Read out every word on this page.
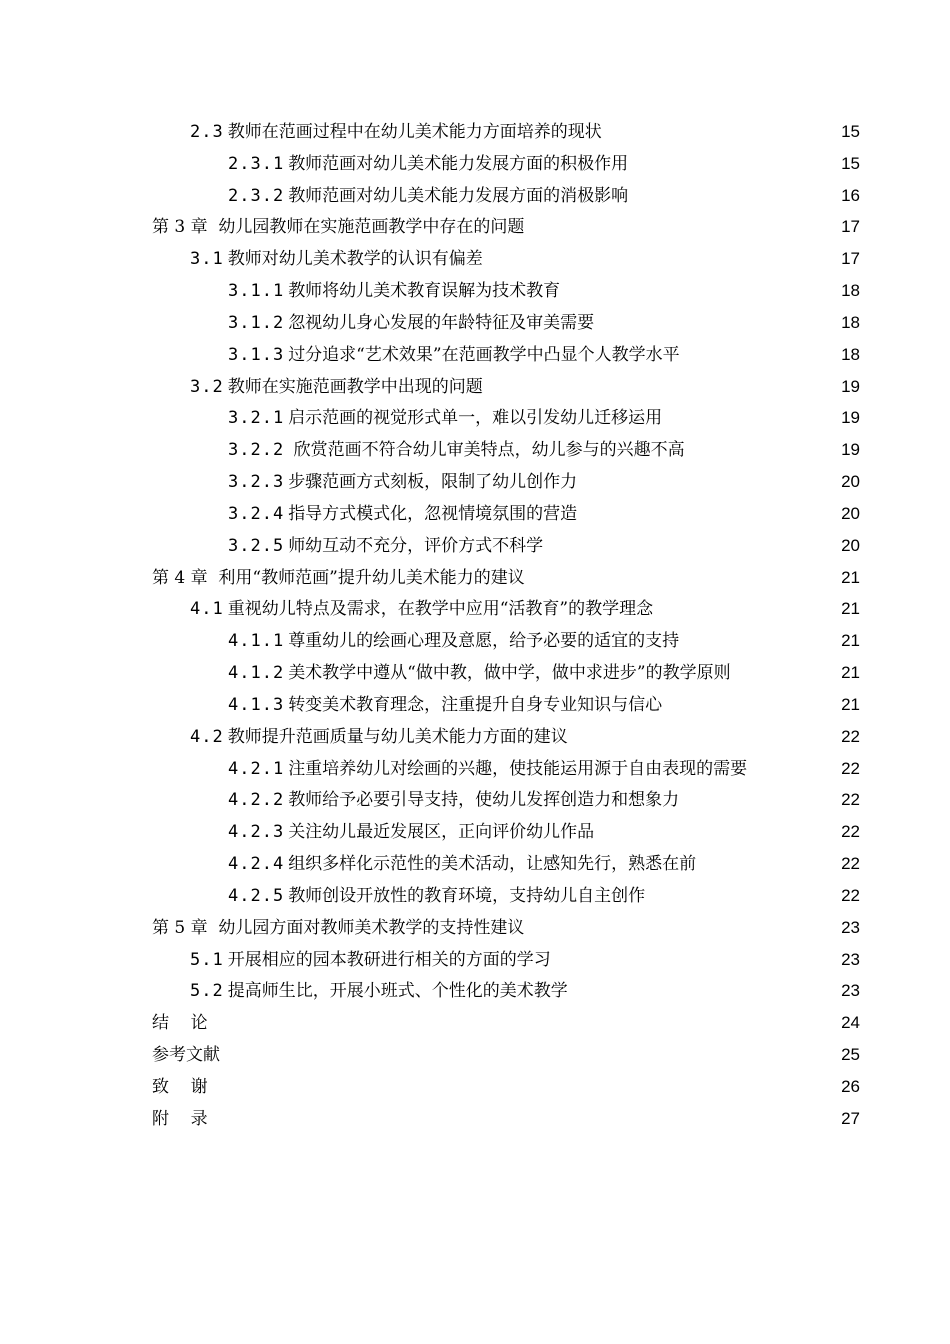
2.3 教师在范画过程中在幼儿美术能力方面培养的现状 .....	15
2.3.1 教师范画对幼儿美术能力发展方面的积极作用 .....	15
2.3.2 教师范画对幼儿美术能力发展方面的消极影响 .....	16
第 3 章  幼儿园教师在实施范画教学中存在的问题 .....	17
3.1 教师对幼儿美术教学的认识有偏差 .....	17
3.1.1 教师将幼儿美术教育误解为技术教育 .....	18
3.1.2 忽视幼儿身心发展的年龄特征及审美需要 .....	18
3.1.3 过分追求“艺术效果”在范画教学中凸显个人教学水平 .....	18
3.2 教师在实施范画教学中出现的问题 .....	19
3.2.1 启示范画的视觉形式单一，难以引发幼儿迁移运用 .....	19
3.2.2 欣赏范画不符合幼儿审美特点，幼儿参与的兴趣不高 .....	19
3.2.3 步骤范画方式刻板，限制了幼儿创作力 .....	20
3.2.4 指导方式模式化，忽视情境氛围的营造 .....	20
3.2.5 师幼互动不充分，评价方式不科学 .....	20
第 4 章  利用“教师范画”提升幼儿美术能力的建议 .....	21
4.1 重视幼儿特点及需求，在教学中应用“活教育”的教学理念 .....	21
4.1.1 尊重幼儿的绘画心理及意愿，给予必要的适宜的支持 .....	21
4.1.2 美术教学中遵从“做中教，做中学，做中求进步”的教学原则 .....	21
4.1.3 转变美术教育理念，注重提升自身专业知识与信心 .....	21
4.2 教师提升范画质量与幼儿美术能力方面的建议 .....	22
4.2.1 注重培养幼儿对绘画的兴趣，使技能运用源于自由表现的需要 .....	22
4.2.2 教师给予必要引导支持，使幼儿发挥创造力和想象力 .....	22
4.2.3 关注幼儿最近发展区，正向评价幼儿作品 .....	22
4.2.4 组织多样化示范性的美术活动，让感知先行，熟悉在前 .....	22
4.2.5 教师创设开放性的教育环境，支持幼儿自主创作 .....	22
第 5 章  幼儿园方面对教师美术教学的支持性建议 .....	23
5.1 开展相应的园本教研进行相关的方面的学习 .....	23
5.2 提高师生比，开展小班式、个性化的美术教学 .....	23
结    论 .....	24
参考文献 .....	25
致    谢 .....	26
附    录 .....	27
